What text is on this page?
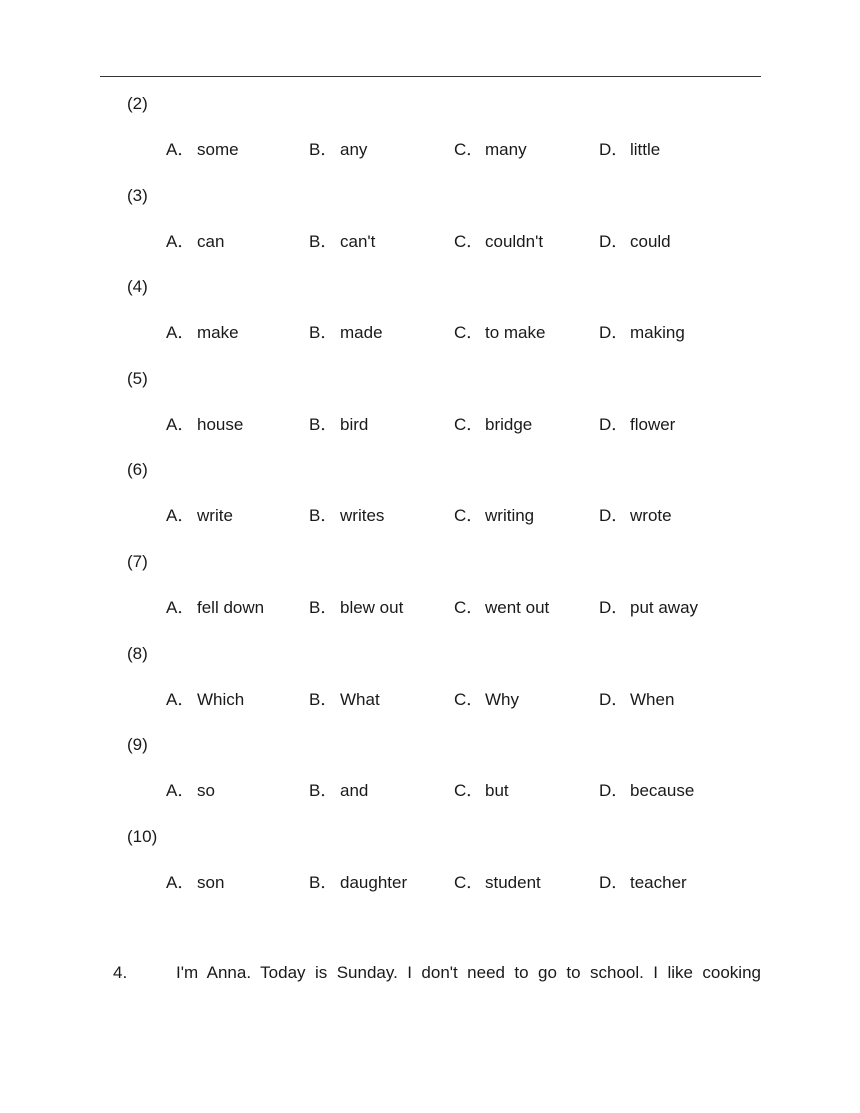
(2)
A． some	B． any	C． many	D． little
(3)
A． can	B． can't	C． couldn't	D． could
(4)
A． make	B． made	C． to make	D． making
(5)
A． house	B． bird	C． bridge	D． flower
(6)
A． write	B． writes	C． writing	D． wrote
(7)
A． fell down	B． blew out	C． went out	D． put away
(8)
A． Which	B． What	C． Why	D． When
(9)
A． so	B． and	C． but	D． because
(10)
A． son	B． daughter	C． student	D． teacher
4.	I'm Anna. Today is Sunday. I don't need to go to school. I like cooking
